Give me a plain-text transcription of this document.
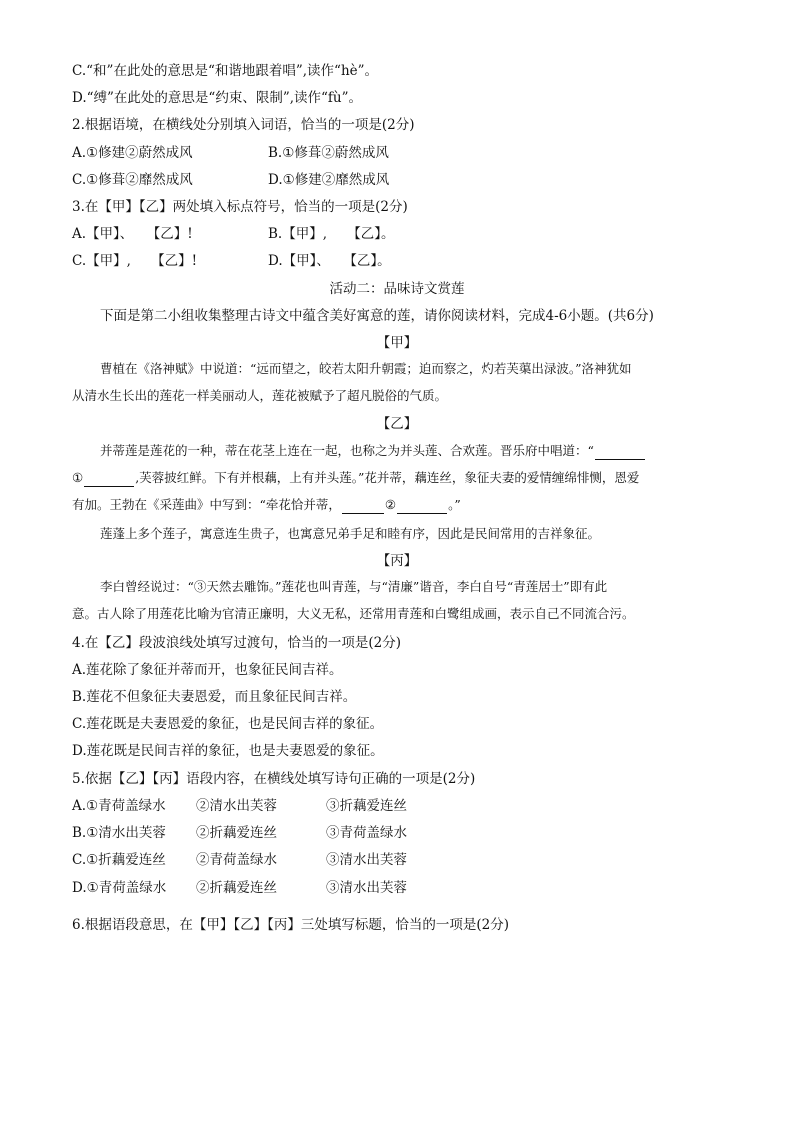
C.“和”在此处的意思是“和谐地跟着唱”,读作“hè”。
D.“缚”在此处的意思是“约束、限制”,读作“fù”。
2.根据语境，在横线处分别填入词语，恰当的一项是(2分)
A.①修建②蔚然成风	B.①修葺②蔚然成风
C.①修葺②靡然成风	D.①修建②靡然成风
3.在【甲】【乙】两处填入标点符号，恰当的一项是(2分)
A.【甲】、　　【乙】!	B.【甲】,　　【乙】。
C.【甲】,　　【乙】!	D.【甲】、　　【乙】。
活动二：品味诗文赏莲
下面是第二小组收集整理古诗文中蕴含美好寓意的莲，请你阅读材料，完成4-6小题。(共6分)
【甲】
曹植在《洛神赋》中说道：“远而望之，皎若太阳升朝霞；迫而察之，灼若芙蕖出渌波。”洛神犹如
从清水生长出的莲花一样美丽动人，莲花被赋予了超凡脱俗的气质。
【乙】
并蒂莲是莲花的一种，蒂在花茎上连在一起，也称之为并头莲、合欢莲。晋乐府中唱道：“
①	,芙蓉披红鲜。下有并根藕，上有并头莲。”花并蒂，藕连丝，象征夫妻的爱情缠绵悱恻，恩爱
有加。王勃在《采莲曲》中写到：“牵花恰并蒂，	②	。”
莲蓬上多个莲子，寓意连生贵子，也寓意兄弟手足和睦有序，因此是民间常用的吉祥象征。
【丙】
李白曾经说过：“③天然去雕饰。”莲花也叫青莲，与“清廉”谐音，李白自号“青莲居士”即有此
意。古人除了用莲花比喻为官清正廉明，大义无私，还常用青莲和白鹭组成画，表示自己不同流合污。
4.在【乙】段波浪线处填写过渡句，恰当的一项是(2分)
A.莲花除了象征并蒂而开，也象征民间吉祥。
B.莲花不但象征夫妻恩爱，而且象征民间吉祥。
C.莲花既是夫妻恩爱的象征，也是民间吉祥的象征。
D.莲花既是民间吉祥的象征，也是夫妻恩爱的象征。
5.依据【乙】【丙】语段内容，在横线处填写诗句正确的一项是(2分)
A.①青荷盖绿水 ②清水出芙蓉	③折藕爱连丝
B.①清水出芙蓉 ②折藕爱连丝	③青荷盖绿水
C.①折藕爱连丝 ②青荷盖绿水	③清水出芙蓉
D.①青荷盖绿水 ②折藕爱连丝	③清水出芙蓉
6.根据语段意思，在【甲】【乙】【丙】三处填写标题，恰当的一项是(2分)
